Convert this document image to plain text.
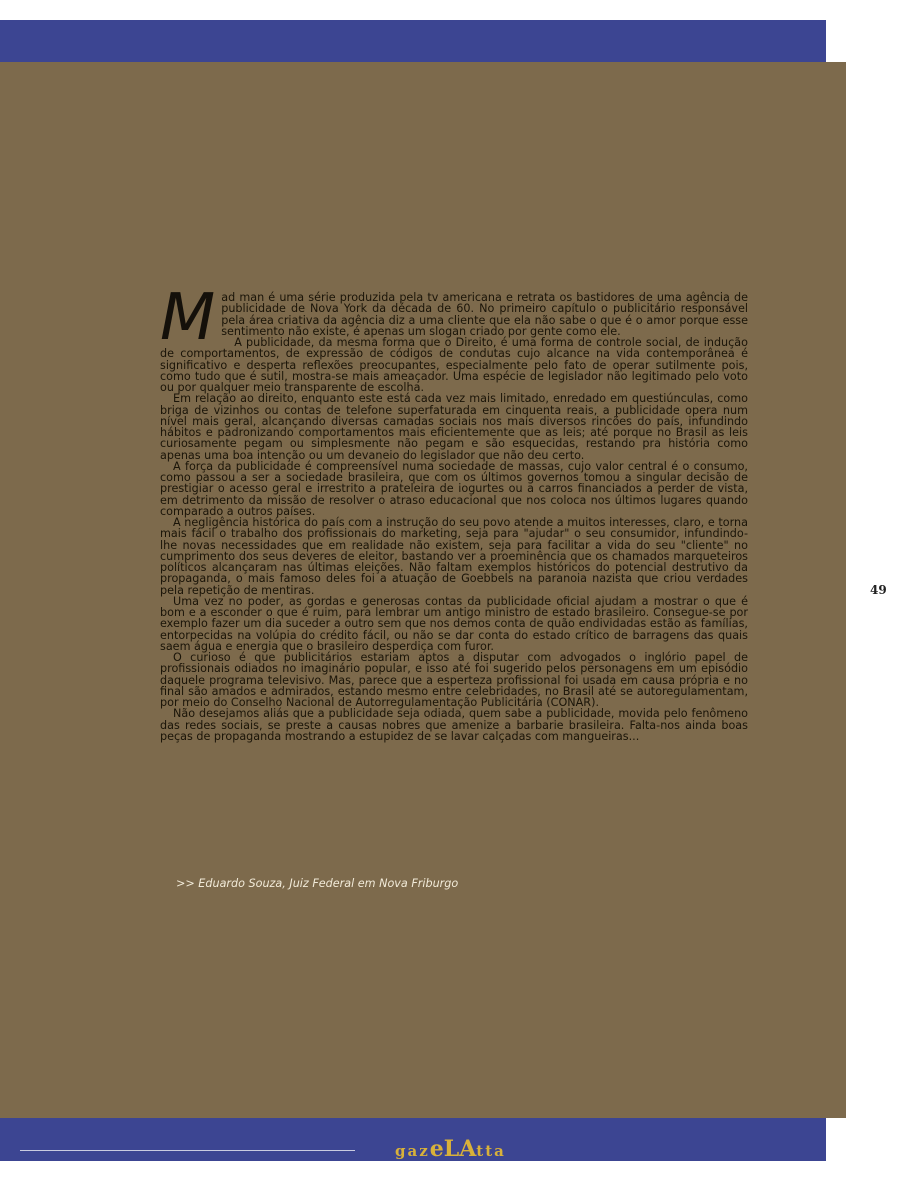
M ad man é uma série produzida pela tv americana e retrata os bastidores de uma agência de publicidade de Nova York da década de 60. No primeiro capítulo o publicitário responsável pela área criativa da agência diz a uma cliente que ela não sabe o que é o amor porque esse sentimento não existe, é apenas um slogan criado por gente como ele.

A publicidade, da mesma forma que o Direito, é uma forma de controle social, de indução de comportamentos, de expressão de códigos de condutas cujo alcance na vida contemporânea é significativo e desperta reflexões preocupantes, especialmente pelo fato de operar sutilmente pois, como tudo que é sutil, mostra-se mais ameaçador. Uma espécie de legislador não legitimado pelo voto ou por qualquer meio transparente de escolha.

Em relação ao direito, enquanto este está cada vez mais limitado, enredado em questiúnculas, como briga de vizinhos ou contas de telefone superfaturada em cinquenta reais, a publicidade opera num nível mais geral, alcançando diversas camadas sociais nos mais diversos rincões do país, infundindo hábitos e padronizando comportamentos mais eficientemente que as leis; até porque no Brasil as leis curiosamente pegam ou simplesmente não pegam e são esquecidas, restando pra história como apenas uma boa intenção ou um devaneio do legislador que não deu certo.

A força da publicidade é compreensível numa sociedade de massas, cujo valor central é o consumo, como passou a ser a sociedade brasileira, que com os últimos governos tomou a singular decisão de prestigiar o acesso geral e irrestrito a prateleira de iogurtes ou a carros financiados a perder de vista, em detrimento da missão de resolver o atraso educacional que nos coloca nos últimos lugares quando comparado a outros países.

A negligência histórica do país com a instrução do seu povo atende a muitos interesses, claro, e torna mais fácil o trabalho dos profissionais do marketing, seja para "ajudar" o seu consumidor, infundindo-lhe novas necessidades que em realidade não existem, seja para facilitar a vida do seu "cliente" no cumprimento dos seus deveres de eleitor, bastando ver a proeminência que os chamados marqueteiros políticos alcançaram nas últimas eleições. Não faltam exemplos históricos do potencial destrutivo da propaganda, o mais famoso deles foi a atuação de Goebbels na paranoia nazista que criou verdades pela repetição de mentiras.

Uma vez no poder, as gordas e generosas contas da publicidade oficial ajudam a mostrar o que é bom e a esconder o que é ruim, para lembrar um antigo ministro de estado brasileiro. Consegue-se por exemplo fazer um dia suceder a outro sem que nos demos conta de quão endividadas estão as famílias, entorpecidas na volúpia do crédito fácil, ou não se dar conta do estado crítico de barragens das quais saem água e energia que o brasileiro desperdiça com furor.

O curioso é que publicitários estariam aptos a disputar com advogados o inglório papel de profissionais odiados no imaginário popular, e isso até foi sugerido pelos personagens em um episódio daquele programa televisivo. Mas, parece que a esperteza profissional foi usada em causa própria e no final são amados e admirados, estando mesmo entre celebridades, no Brasil até se autoregulamentam, por meio do Conselho Nacional de Autorregulamentação Publicitária (CONAR).

Não desejamos aliás que a publicidade seja odiada, quem sabe a publicidade, movida pelo fenômeno das redes sociais, se preste a causas nobres que amenize a barbarie brasileira. Falta-nos ainda boas peças de propaganda mostrando a estupidez de se lavar calçadas com mangueiras...

>> Eduardo Souza, Juiz Federal em Nova Friburgo
49
gazeLAtta
